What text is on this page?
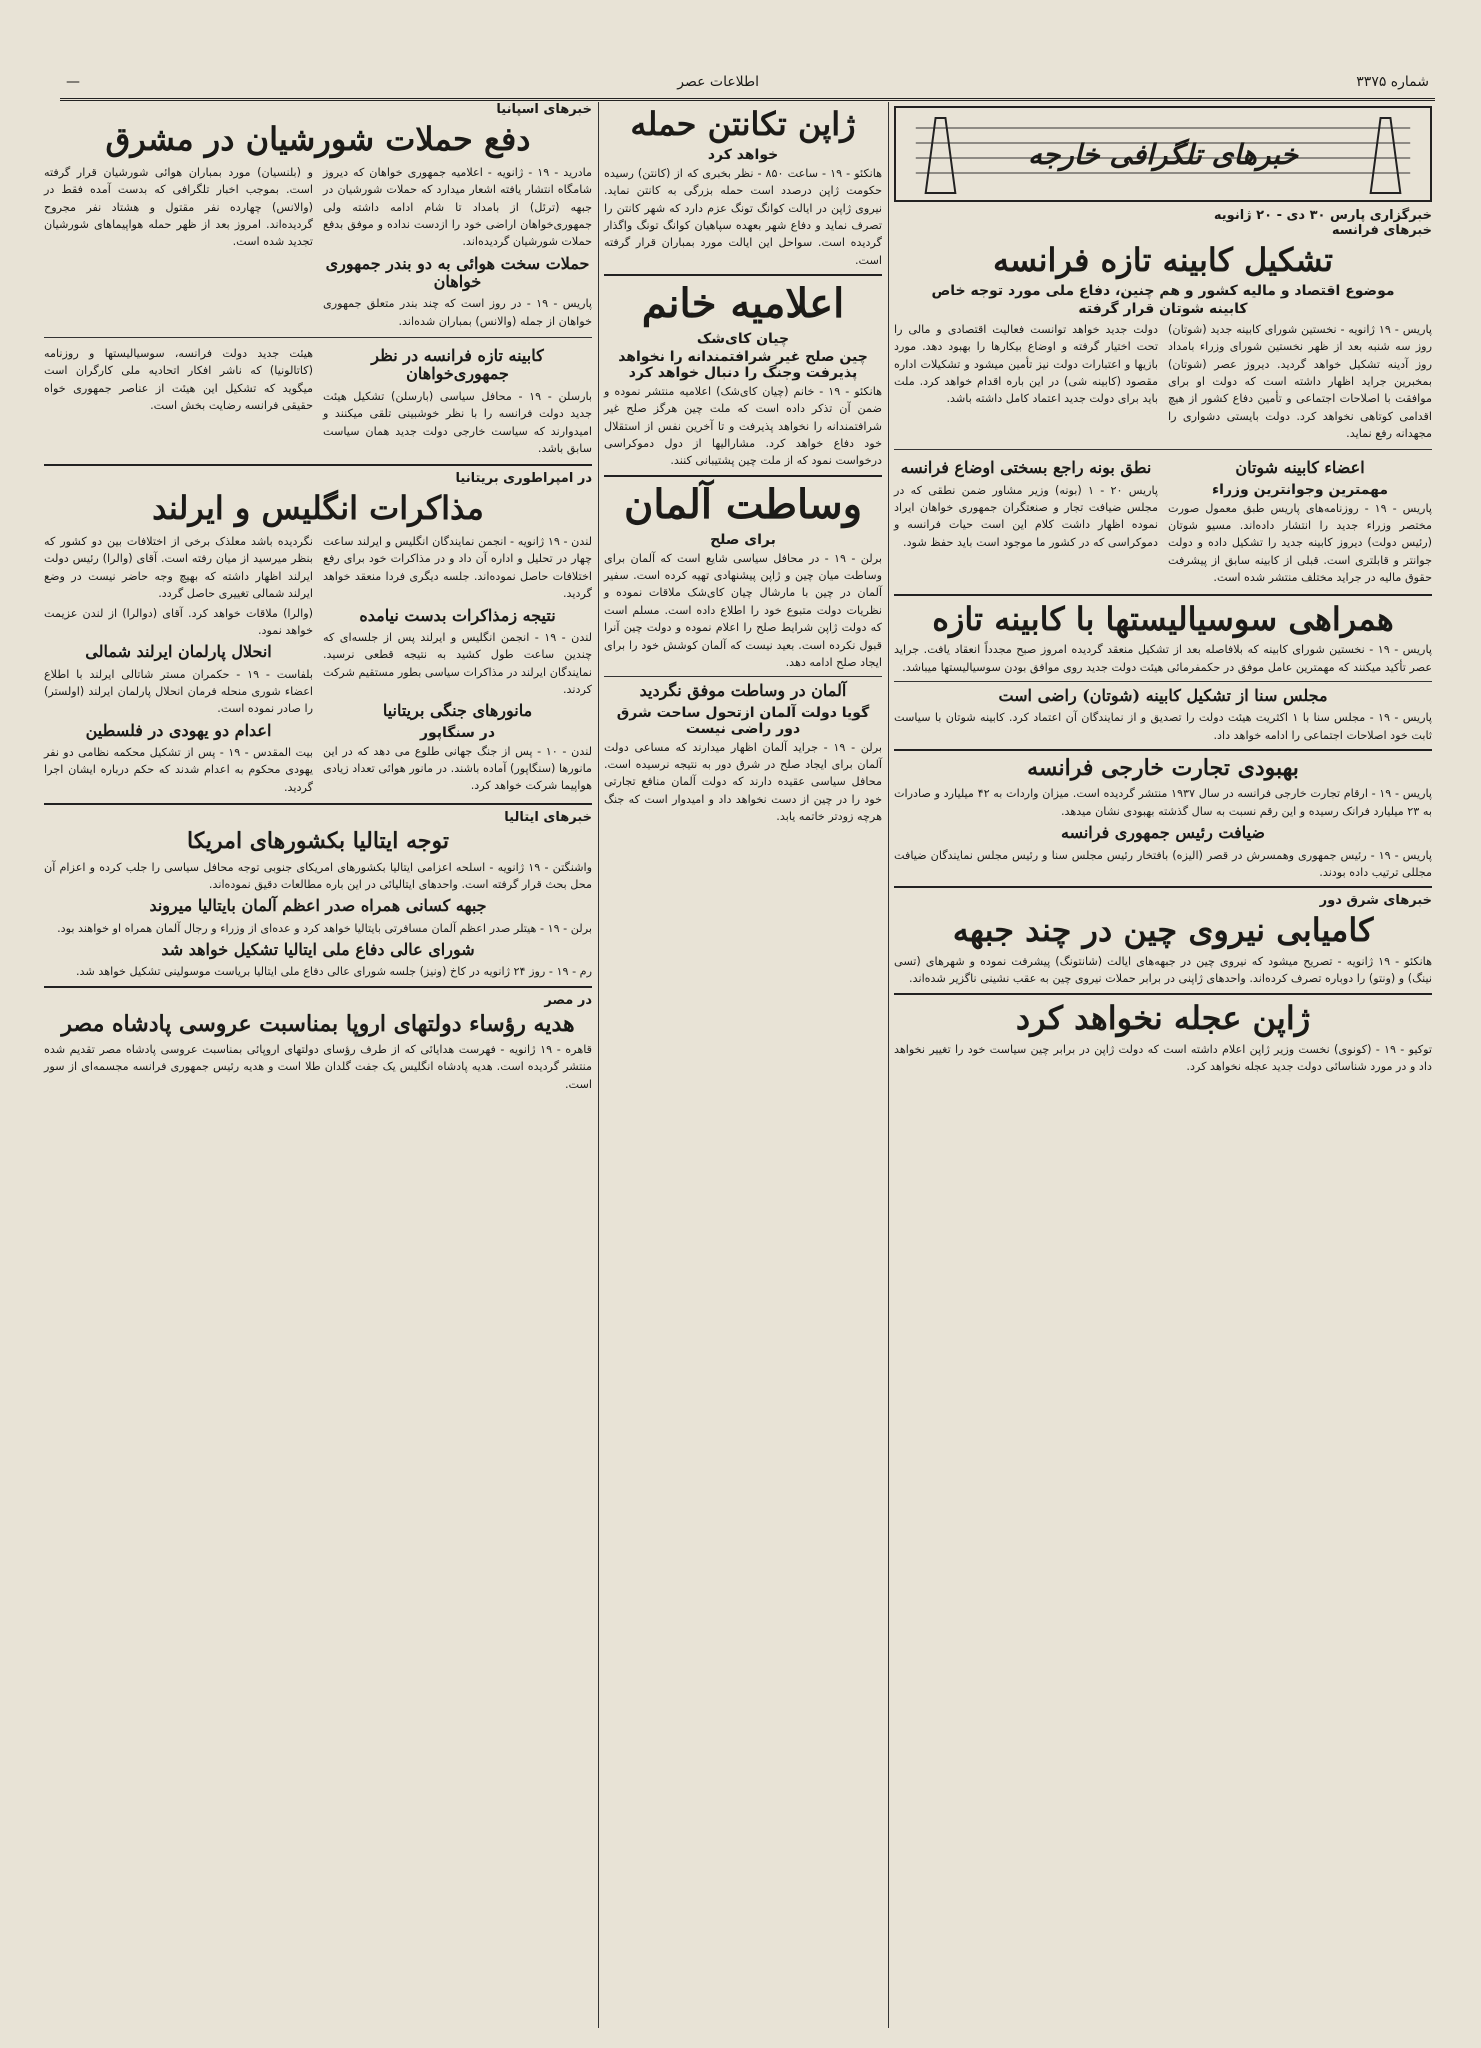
شماره ۳۳۷۵
اطلاعات عصر
—
خبرهای تلگرافی خارجه
خبرگزاری پارس ۳۰ دی - ۲۰ ژانویه
خبرهای فرانسه
تشکیل کابینه تازه فرانسه
موضوع اقتصاد و مالیه کشور و هم چنین، دفاع ملی مورد توجه خاص
کابینه شوتان قرار گرفته
پاریس - ۱۹ ژانویه - نخستین شورای کابینه جدید (شوتان) روز سه شنبه بعد از ظهر نخستین شورای وزراء بامداد روز آدینه تشکیل خواهد گردید. دیروز عصر (شوتان) بمخبرین جراید اظهار داشته است که دولت او برای موافقت با اصلاحات اجتماعی و تأمین دفاع کشور از هیچ اقدامی کوتاهی نخواهد کرد. دولت بایستی دشواری را مجهدانه رفع نماید.
دولت جدید خواهد توانست فعالیت اقتصادی و مالی را تحت اختیار گرفته و اوضاع بیکارها را بهبود دهد. مورد بازیها و اعتبارات دولت نیز تأمین میشود و تشکیلات اداره مقصود (کابینه شی) در این باره اقدام خواهد کرد. ملت باید برای دولت جدید اعتماد کامل داشته باشد.
اعضاء کابینه شوتان
مهمترین وجوانترین وزراء
پاریس - ۱۹ - روزنامه‌های پاریس طبق معمول صورت مختصر وزراء جدید را انتشار داده‌اند. مسیو شوتان (رئیس دولت) دیروز کابینه جدید را تشکیل داده و دولت جوانتر و قابلتری است. قبلی از کابینه سابق از پیشرفت حقوق مالیه در جراید مختلف منتشر شده است.
نطق بونه راجع بسختی اوضاع فرانسه
پاریس ۲۰ - ۱ (بونه) وزیر مشاور ضمن نطقی که در مجلس ضیافت تجار و صنعتگران جمهوری خواهان ایراد نموده اظهار داشت کلام این است حیات فرانسه و دموکراسی که در کشور ما موجود است باید حفظ شود.
همراهی سوسیالیستها با کابینه تازه
پاریس - ۱۹ - نخستین شورای کابینه که بلافاصله بعد از تشکیل منعقد گردیده امروز صبح مجدداً انعقاد یافت. جراید عصر تأکید میکنند که مهمترین عامل موفق در حکمفرمائی هیئت دولت جدید روی موافق بودن سوسیالیستها میباشد.
مجلس سنا از تشکیل کابینه (شوتان) راضی است
پاریس - ۱۹ - مجلس سنا با ۱ اکثریت هیئت دولت را تصدیق و از نمایندگان آن اعتماد کرد. کابینه شوتان با سیاست ثابت خود اصلاحات اجتماعی را ادامه خواهد داد.
بهبودی تجارت خارجی فرانسه
پاریس - ۱۹ - ارقام تجارت خارجی فرانسه در سال ۱۹۳۷ منتشر گردیده است. میزان واردات به ۴۲ میلیارد و صادرات به ۲۳ میلیارد فرانک رسیده و این رقم نسبت به سال گذشته بهبودی نشان میدهد.
ضیافت رئیس جمهوری فرانسه
پاریس - ۱۹ - رئیس جمهوری وهمسرش در قصر (الیزه) بافتخار رئیس مجلس سنا و رئیس مجلس نمایندگان ضیافت مجللی ترتیب داده بودند.
خبرهای شرق دور
کامیابی نیروی چین در چند جبهه
هانکئو - ۱۹ ژانویه - تصریح میشود که نیروی چین در جبهه‌های ایالت (شانتونگ) پیشرفت نموده و شهرهای (تسی نینگ) و (ونتو) را دوباره تصرف کرده‌اند. واحدهای ژاپنی در برابر حملات نیروی چین به عقب نشینی ناگزیر شده‌اند.
ژاپن عجله نخواهد کرد
توکیو - ۱۹ - (کونوی) نخست وزیر ژاپن اعلام داشته است که دولت ژاپن در برابر چین سیاست خود را تغییر نخواهد داد و در مورد شناسائی دولت جدید عجله نخواهد کرد.
ژاپن تکانتن حمله
خواهد کرد
هانکئو - ۱۹ - ساعت ۸۵۰ - نظر بخبری که از (کانتن) رسیده حکومت ژاپن درصدد است حمله بزرگی به کانتن نماید. نیروی ژاپن در ایالت کوانگ تونگ عزم دارد که شهر کانتن را تصرف نماید و دفاع شهر بعهده سپاهیان کوانگ تونگ واگذار گردیده است. سواحل این ایالت مورد بمباران قرار گرفته است.
اعلامیه خانم
چیان کای‌شک
چین صلح غیر شرافتمندانه را نخواهد پذیرفت وجنگ را دنبال خواهد کرد
هانکئو - ۱۹ - خانم (چیان کای‌شک) اعلامیه منتشر نموده و ضمن آن تذکر داده است که ملت چین هرگز صلح غیر شرافتمندانه را نخواهد پذیرفت و تا آخرین نفس از استقلال خود دفاع خواهد کرد. مشارالیها از دول دموکراسی درخواست نمود که از ملت چین پشتیبانی کنند.
وساطت آلمان
برای صلح
برلن - ۱۹ - در محافل سیاسی شایع است که آلمان برای وساطت میان چین و ژاپن پیشنهادی تهیه کرده است. سفیر آلمان در چین با مارشال چیان کای‌شک ملاقات نموده و نظریات دولت متبوع خود را اطلاع داده است. مسلم است که دولت ژاپن شرایط صلح را اعلام نموده و دولت چین آنرا قبول نکرده است. بعید نیست که آلمان کوشش خود را برای ایجاد صلح ادامه دهد.
آلمان در وساطت موفق نگردید
گویا دولت آلمان ازتحول ساحت شرق دور راضی نیست
برلن - ۱۹ - جراید آلمان اظهار میدارند که مساعی دولت آلمان برای ایجاد صلح در شرق دور به نتیجه نرسیده است. محافل سیاسی عقیده دارند که دولت آلمان منافع تجارتی خود را در چین از دست نخواهد داد و امیدوار است که جنگ هرچه زودتر خاتمه یابد.
خبرهای اسپانیا
دفع حملات شورشیان در مشرق
مادرید - ۱۹ - ژانویه - اعلامیه جمهوری خواهان که دیروز شامگاه انتشار یافته اشعار میدارد که حملات شورشیان در جبهه (ترئل) از بامداد تا شام ادامه داشته ولی جمهوری‌خواهان اراضی خود را ازدست نداده و موفق بدفع حملات شورشیان گردیده‌اند.
حملات سخت هوائی به دو بندر جمهوری خواهان
پاریس - ۱۹ - در روز است که چند بندر متعلق جمهوری خواهان از جمله (والانس) بمباران شده‌اند.
و (بلنسیان) مورد بمباران هوائی شورشیان قرار گرفته است. بموجب اخبار تلگرافی که بدست آمده فقط در (والانس) چهارده نفر مقتول و هشتاد نفر مجروح گردیده‌اند. امروز بعد از ظهر حمله هواپیماهای شورشیان تجدید شده است.
کابینه تازه فرانسه در نظر جمهوری‌خواهان
بارسلن - ۱۹ - محافل سیاسی (بارسلن) تشکیل هیئت جدید دولت فرانسه را با نظر خوشبینی تلقی میکنند و امیدوارند که سیاست خارجی دولت جدید همان سیاست سابق باشد.
هیئت جدید دولت فرانسه، سوسیالیستها و روزنامه (کاتالونیا) که ناشر افکار اتحادیه ملی کارگران است میگوید که تشکیل این هیئت از عناصر جمهوری خواه حقیقی فرانسه رضایت بخش است.
در امپراطوری بریتانیا
مذاکرات انگلیس و ایرلند
لندن - ۱۹ ژانویه - انجمن نمایندگان انگلیس و ایرلند ساعت چهار در تحلیل و اداره آن داد و در مذاکرات خود برای رفع اختلافات حاصل نموده‌اند. جلسه دیگری فردا منعقد خواهد گردید.
نتیجه زمذاکرات بدست نیامده
لندن - ۱۹ - انجمن انگلیس و ایرلند پس از جلسه‌ای که چندین ساعت طول کشید به نتیجه قطعی نرسید. نمایندگان ایرلند در مذاکرات سیاسی بطور مستقیم شرکت کردند.
مانورهای جنگی بریتانیا
در سنگاپور
لندن - ۱۰ - پس از جنگ جهانی طلوع می دهد که در این مانورها (سنگاپور) آماده باشند. در مانور هوائی تعداد زیادی هواپیما شرکت خواهد کرد.
نگردیده باشد معلذک برخی از اختلافات بین دو کشور که بنظر میرسید از میان رفته است. آقای (والرا) رئیس دولت ایرلند اظهار داشته که بهیچ وجه حاضر نیست در وضع ایرلند شمالی تغییری حاصل گردد.
(والرا) ملاقات خواهد کرد. آقای (دوالرا) از لندن عزیمت خواهد نمود.
انحلال پارلمان ایرلند شمالی
بلفاست - ۱۹ - حکمران مستر شاتالی ایرلند با اطلاع اعضاء شوری منحله فرمان انحلال پارلمان ایرلند (اولستر) را صادر نموده است.
اعدام دو یهودی در فلسطین
بیت المقدس - ۱۹ - پس از تشکیل محکمه نظامی دو نفر یهودی محکوم به اعدام شدند که حکم درباره ایشان اجرا گردید.
خبرهای ایتالیا
توجه ایتالیا بکشورهای امریکا
واشنگتن - ۱۹ ژانویه - اسلحه اعزامی ایتالیا بکشورهای امریکای جنوبی توجه محافل سیاسی را جلب کرده و اعزام آن محل بحث قرار گرفته است. واحدهای ایتالیائی در این باره مطالعات دقیق نموده‌اند.
جبهه کسانی همراه صدر اعظم آلمان بایتالیا میروند
برلن - ۱۹ - هیتلر صدر اعظم آلمان مسافرتی بایتالیا خواهد کرد و عده‌ای از وزراء و رجال آلمان همراه او خواهند بود.
شورای عالی دفاع ملی ایتالیا تشکیل خواهد شد
رم - ۱۹ - روز ۲۴ ژانویه در کاخ (ونیز) جلسه شورای عالی دفاع ملی ایتالیا بریاست موسولینی تشکیل خواهد شد.
در مصر
هدیه رؤساء دولتهای اروپا بمناسبت عروسی پادشاه مصر
قاهره - ۱۹ ژانویه - فهرست هدایائی که از طرف رؤسای دولتهای اروپائی بمناسبت عروسی پادشاه مصر تقدیم شده منتشر گردیده است. هدیه پادشاه انگلیس یک جفت گلدان طلا است و هدیه رئیس جمهوری فرانسه مجسمه‌ای از سور است.
